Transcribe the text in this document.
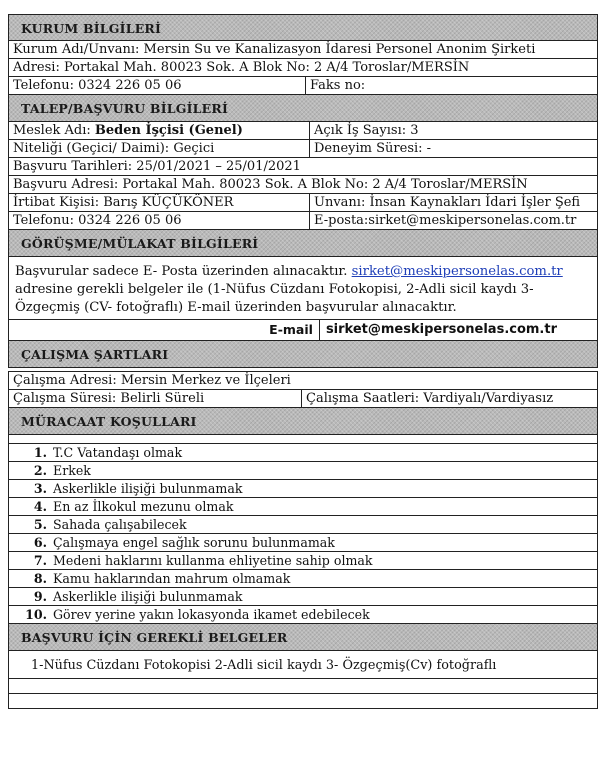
KURUM BİLGİLERİ
Kurum Adı/Unvanı: Mersin Su ve Kanalizasyon İdaresi Personel Anonim Şirketi
Adresi: Portakal Mah. 80023 Sok. A Blok No: 2 A/4 Toroslar/MERSİN
Telefonu: 0324 226 05 06	Faks no:
TALEP/BAŞVURU BİLGİLERİ
Meslek Adı: Beden İşçisi (Genel)	Açık İş Sayısı: 3
Niteliği (Geçici/ Daimi): Geçici	Deneyim Süresi: -
Başvuru Tarihleri: 25/01/2021 – 25/01/2021
Başvuru Adresi: Portakal Mah. 80023 Sok. A Blok No: 2 A/4 Toroslar/MERSİN
İrtibat Kişisi: Barış KÜÇÜKÖNER	Unvanı: İnsan Kaynakları İdari İşler Şefi
Telefonu: 0324 226 05 06	E-posta:sirket@meskipersonelas.com.tr
GÖRÜŞME/MÜLAKAT BİLGİLERİ
Başvurular sadece E- Posta üzerinden alınacaktır. sirket@meskipersonelas.com.tr adresine gerekli belgeler ile (1-Nüfus Cüzdanı Fotokopisi, 2-Adli sicil kaydı 3- Özgeçmiş (CV- fotoğraflı) E-mail üzerinden başvurular alınacaktır.
E-mail	sirket@meskipersonelas.com.tr
ÇALIŞMA ŞARTLARI
Çalışma Adresi: Mersin Merkez ve İlçeleri
Çalışma Süresi: Belirli Süreli	Çalışma Saatleri: Vardiyalı/Vardiyasız
MÜRACAAT KOŞULLARI
1. T.C Vatandaşı olmak
2. Erkek
3. Askerlikle ilişiği bulunmamak
4. En az İlkokul mezunu olmak
5. Sahada çalışabilecek
6. Çalışmaya engel sağlık sorunu bulunmamak
7. Medeni haklarını kullanma ehliyetine sahip olmak
8. Kamu haklarından mahrum olmamak
9. Askerlikle ilişiği bulunmamak
10. Görev yerine yakın lokasyonda ikamet edebilecek
BAŞVURU İÇİN GEREKLİ BELGELER
1-Nüfus Cüzdanı Fotokopisi 2-Adli sicil kaydı 3- Özgeçmiş(Cv) fotoğraflı
